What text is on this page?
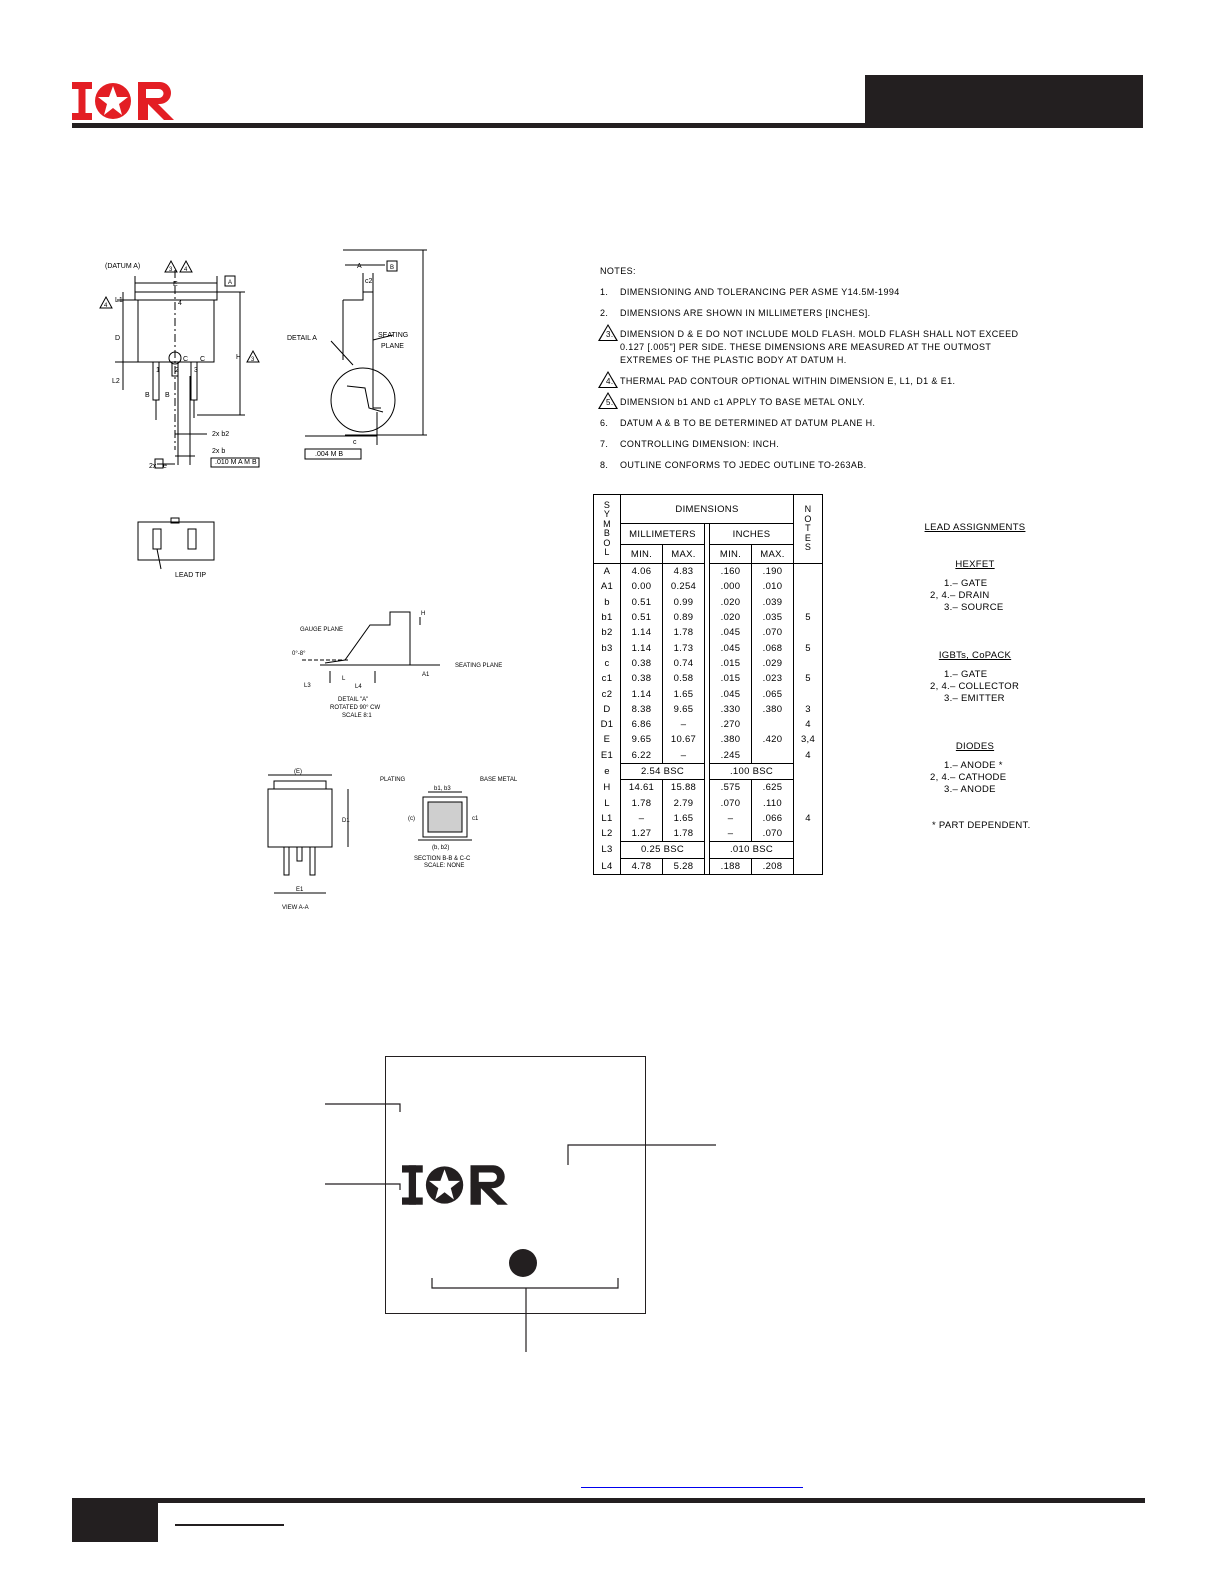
(DATUM A)
E
4
L1
D
L2
H
C C
1 2 3
B B
2x b2
2x b
2x e
.010 M A M B
c2
A
DETAIL A	SEATING
PLANE
c
.004 M B
A
B
3 4
4
3
LEAD TIP
GAUGE PLANE
0°-8°
L3
L
L4
A1
SEATING PLANE
H
DETAIL "A"
ROTATED 90° CW
SCALE 8:1
(E)
D1
E1
VIEW A-A
PLATING	BASE METAL
b1, b3
(c)	c1
(b, b2)
SECTION B-B & C-C
SCALE: NONE
NOTES:
1.	DIMENSIONING AND TOLERANCING PER ASME Y14.5M-1994
2.	DIMENSIONS ARE SHOWN IN MILLIMETERS [INCHES].
3. DIMENSION D & E DO NOT INCLUDE MOLD FLASH. MOLD FLASH SHALL NOT EXCEED 0.127 [.005"] PER SIDE. THESE DIMENSIONS ARE MEASURED AT THE OUTMOST EXTREMES OF THE PLASTIC BODY AT DATUM H.
4. THERMAL PAD CONTOUR OPTIONAL WITHIN DIMENSION E, L1, D1 & E1.
5. DIMENSION b1 AND c1 APPLY TO BASE METAL ONLY.
6.	DATUM A & B TO BE DETERMINED AT DATUM PLANE H.
7.	CONTROLLING DIMENSION: INCH.
8.	OUTLINE CONFORMS TO JEDEC OUTLINE TO-263AB.
SYMBOL	DIMENSIONS					NOTES

	MILLIMETERS			INCHES		
	MIN.	MAX.		MIN.	MAX.	
A	4.06	4.83		.160	.190	
A1	0.00	0.254		.000	.010	
b	0.51	0.99		.020	.039	
b1	0.51	0.89		.020	.035	5
b2	1.14	1.78		.045	.070	
b3	1.14	1.73		.045	.068	5
c	0.38	0.74		.015	.029	
c1	0.38	0.58		.015	.023	5
c2	1.14	1.65		.045	.065	
D	8.38	9.65		.330	.380	3
D1	6.86	–		.270		4
E	9.65	10.67		.380	.420	3,4
E1	6.22	–		.245		4
e	2.54 BSC			.100 BSC		
H	14.61	15.88		.575	.625	
L	1.78	2.79		.070	.110	
L1	–	1.65		–	.066	4
L2	1.27	1.78		–	.070	
L3	0.25 BSC			.010 BSC		
L4	4.78	5.28		.188	.208	
LEAD ASSIGNMENTS
HEXFET
1.– GATE
2, 4.– DRAIN
3.– SOURCE
IGBTs, CoPACK
1.– GATE
2, 4.– COLLECTOR
3.– EMITTER
DIODES
1.– ANODE *
2, 4.– CATHODE
3.– ANODE
* PART DEPENDENT.
